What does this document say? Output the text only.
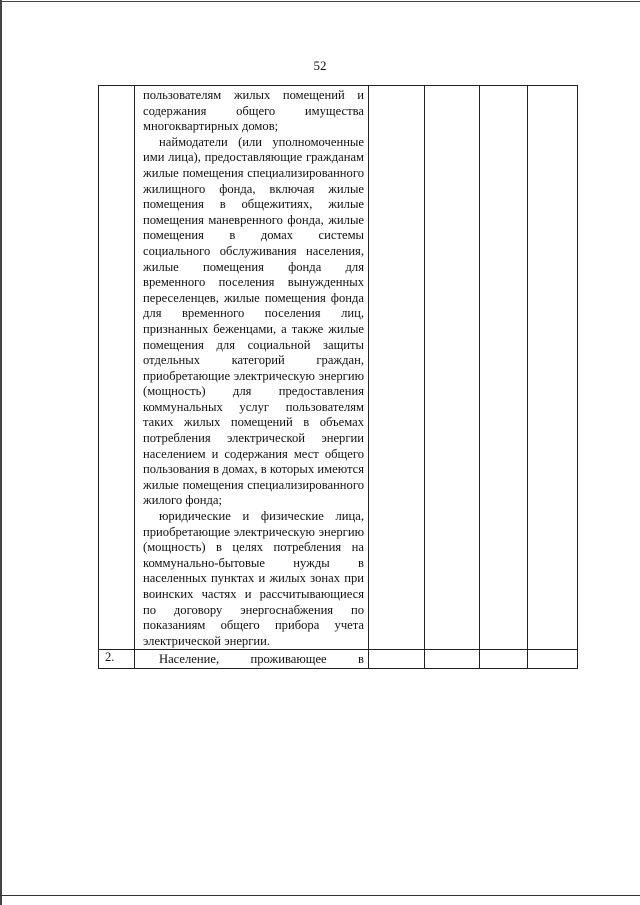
52

	пользователям жилых помещений и содержания общего имущества многоквартирных домов;

наймодатели (или уполномоченные ими лица), предоставляющие гражданам жилые помещения специализированного жилищного фонда, включая жилые помещения в общежитиях, жилые помещения маневренного фонда, жилые помещения в домах системы социального обслуживания населения, жилые помещения фонда для временного поселения вынужденных переселенцев, жилые помещения фонда для временного поселения лиц, признанных беженцами, а также жилые помещения для социальной защиты отдельных категорий граждан, приобретающие электрическую энергию (мощность) для предоставления коммунальных услуг пользователям таких жилых помещений в объемах потребления электрической энергии населением и содержания мест общего пользования в домах, в которых имеются жилые помещения специализированного жилого фонда;

юридические и физические лица, приобретающие электрическую энергию (мощность) в целях потребления на коммунально-бытовые нужды в населенных пунктах и жилых зонах при воинских частях и рассчитывающиеся по договору энергоснабжения по показаниям общего прибора учета электрической энергии.				

2.	Население, проживающее в				
